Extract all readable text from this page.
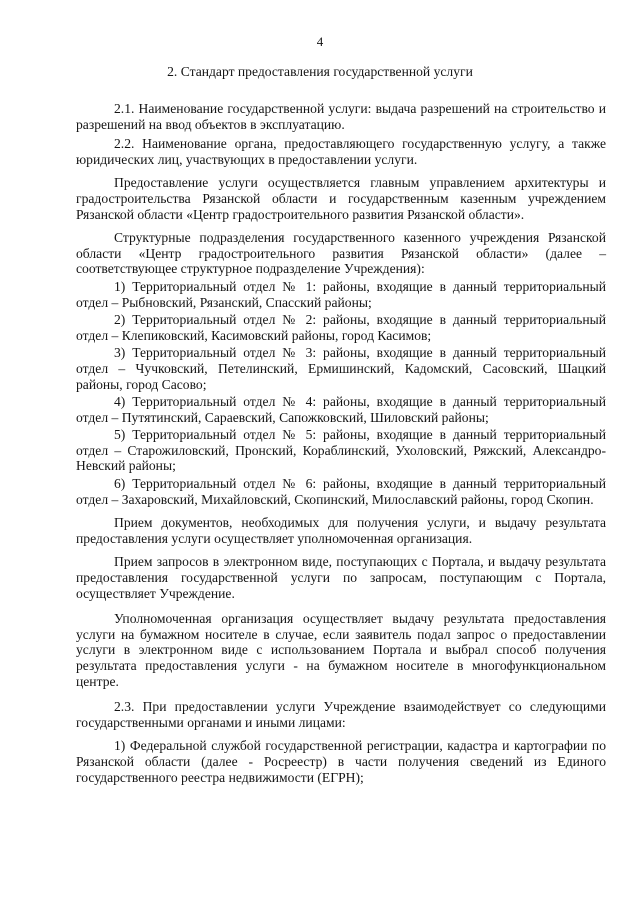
4
2. Стандарт предоставления государственной услуги

2.1. Наименование государственной услуги: выдача разрешений на строительство и разрешений на ввод объектов в эксплуатацию.

2.2. Наименование органа, предоставляющего государственную услугу, а также юридических лиц, участвующих в предоставлении услуги.

Предоставление услуги осуществляется главным управлением архитектуры и градостроительства Рязанской области и государственным казенным учреждением Рязанской области «Центр градостроительного развития Рязанской области».

Структурные подразделения государственного казенного учреждения Рязанской области «Центр градостроительного развития Рязанской области» (далее – соответствующее структурное подразделение Учреждения):

1) Территориальный отдел № 1: районы, входящие в данный территориальный отдел – Рыбновский, Рязанский, Спасский районы;

2) Территориальный отдел № 2: районы, входящие в данный территориальный отдел – Клепиковский, Касимовский районы, город Касимов;

3) Территориальный отдел № 3: районы, входящие в данный территориальный отдел – Чучковский, Петелинский, Ермишинский, Кадомский, Сасовский, Шацкий районы, город Сасово;

4) Территориальный отдел № 4: районы, входящие в данный территориальный отдел – Путятинский, Сараевский, Сапожковский, Шиловский районы;

5) Территориальный отдел № 5: районы, входящие в данный территориальный отдел – Старожиловский, Пронский, Кораблинский, Ухоловский, Ряжский, Александро-Невский районы;

6) Территориальный отдел № 6: районы, входящие в данный территориальный отдел – Захаровский, Михайловский, Скопинский, Милославский районы, город Скопин.

Прием документов, необходимых для получения услуги, и выдачу результата предоставления услуги осуществляет уполномоченная организация.

Прием запросов в электронном виде, поступающих с Портала, и выдачу результата предоставления государственной услуги по запросам, поступающим с Портала, осуществляет Учреждение.

Уполномоченная организация осуществляет выдачу результата предоставления услуги на бумажном носителе в случае, если заявитель подал запрос о предоставлении услуги в электронном виде с использованием Портала и выбрал способ получения результата предоставления услуги - на бумажном носителе в многофункциональном центре.

2.3. При предоставлении услуги Учреждение взаимодействует со следующими государственными органами и иными лицами:

1) Федеральной службой государственной регистрации, кадастра и картографии по Рязанской области (далее - Росреестр) в части получения сведений из Единого государственного реестра недвижимости (ЕГРН);
